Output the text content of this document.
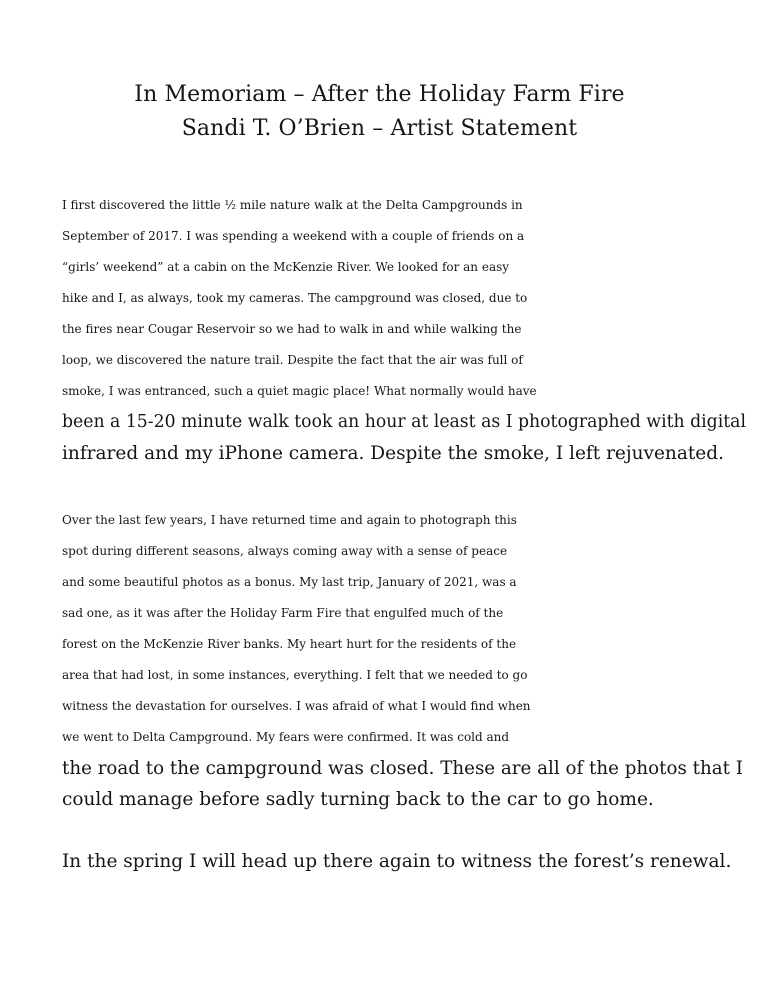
In Memoriam – After the Holiday Farm Fire
Sandi T. O’Brien – Artist Statement
I first discovered the little ½ mile nature walk at the Delta Campgrounds in
September of 2017. I was spending a weekend with a couple of friends on a
“girls’ weekend” at a cabin on the McKenzie River. We looked for an easy
hike and I, as always, took my cameras. The campground was closed, due to
the fires near Cougar Reservoir so we had to walk in and while walking the
loop, we discovered the nature trail. Despite the fact that the air was full of
smoke, I was entranced, such a quiet magic place! What normally would have
been a 15-20 minute walk took an hour at least as I photographed with digital
infrared and my iPhone camera. Despite the smoke, I left rejuvenated.
Over the last few years, I have returned time and again to photograph this
spot during different seasons, always coming away with a sense of peace
and some beautiful photos as a bonus. My last trip, January of 2021, was a
sad one, as it was after the Holiday Farm Fire that engulfed much of the
forest on the McKenzie River banks. My heart hurt for the residents of the
area that had lost, in some instances, everything. I felt that we needed to go
witness the devastation for ourselves. I was afraid of what I would find when
we went to Delta Campground. My fears were confirmed. It was cold and
the road to the campground was closed. These are all of the photos that I
could manage before sadly turning back to the car to go home.
In the spring I will head up there again to witness the forest’s renewal.
